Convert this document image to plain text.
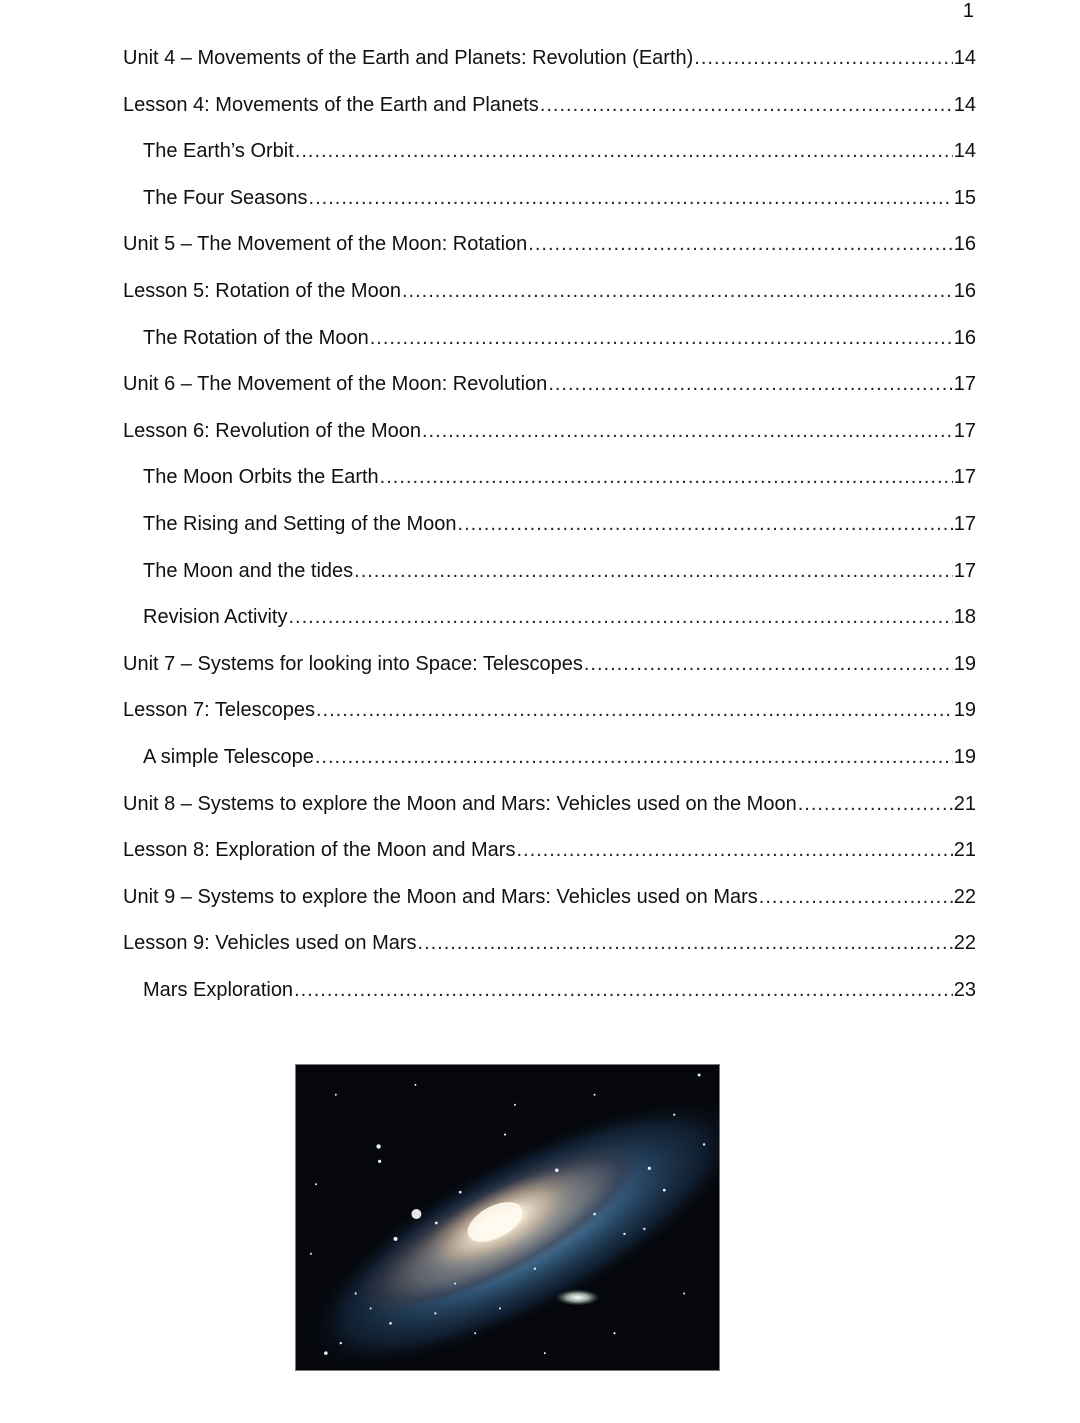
1
Unit 4 – Movements of the Earth and Planets: Revolution (Earth) .....	14
Lesson 4: Movements of the Earth and Planets .....	14
The Earth’s Orbit .....	14
The Four Seasons .....	15
Unit 5 – The Movement of the Moon: Rotation .....	16
Lesson 5: Rotation of the Moon .....	16
The Rotation of the Moon .....	16
Unit 6 – The Movement of the Moon: Revolution .....	17
Lesson 6: Revolution of the Moon .....	17
The Moon Orbits the Earth .....	17
The Rising and Setting of the Moon .....	17
The Moon and the tides .....	17
Revision Activity .....	18
Unit 7 – Systems for looking into Space: Telescopes .....	19
Lesson 7: Telescopes .....	19
A simple Telescope .....	19
Unit 8 – Systems to explore the Moon and Mars: Vehicles used on the Moon .....	21
Lesson 8: Exploration of the Moon and Mars .....	21
Unit 9 – Systems to explore the Moon and Mars: Vehicles used on Mars .....	22
Lesson 9: Vehicles used on Mars .....	22
Mars Exploration .....	23
